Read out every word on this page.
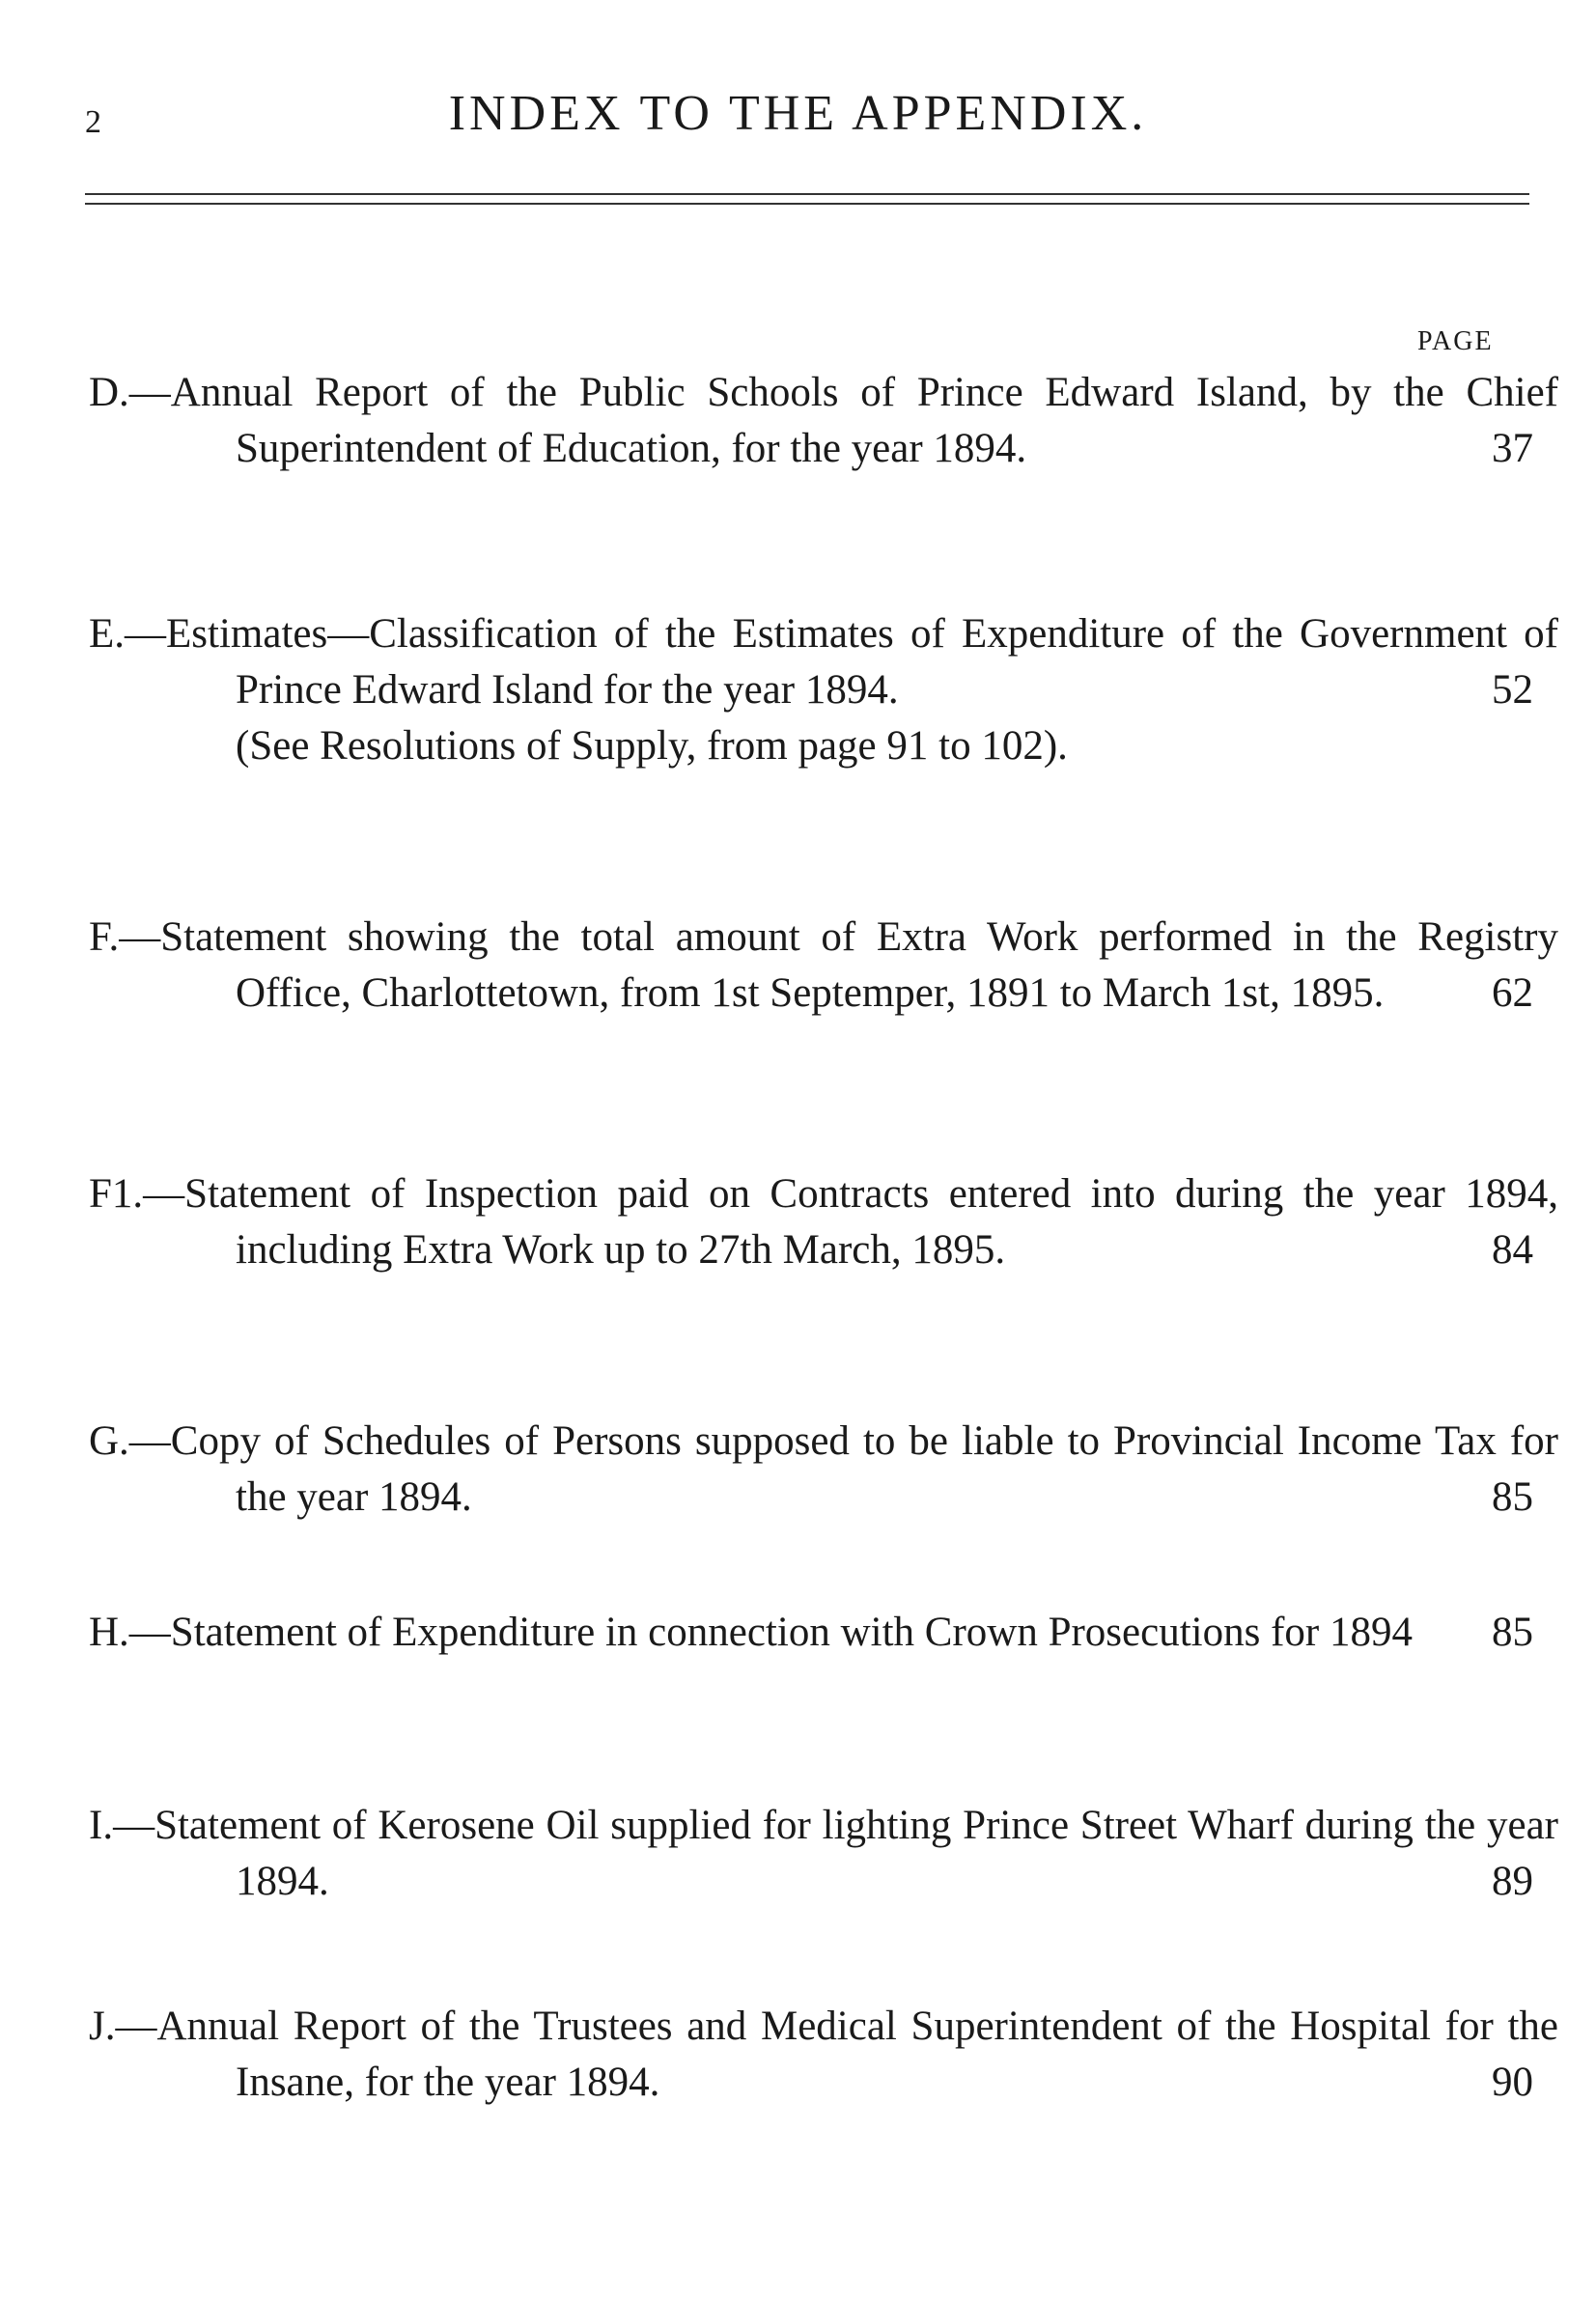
2	INDEX TO THE APPENDIX.
PAGE
D.—Annual Report of the Public Schools of Prince Edward Island, by the Chief Superintendent of Education, for the year 1894.	37
E.—Estimates—Classification of the Estimates of Expenditure of the Government of Prince Edward Island for the year 1894.	52
(See Resolutions of Supply, from page 91 to 102).
F.—Statement showing the total amount of Extra Work performed in the Registry Office, Charlottetown, from 1st Septemper, 1891 to March 1st, 1895.	62
F1.—Statement of Inspection paid on Contracts entered into during the year 1894, including Extra Work up to 27th March, 1895.	84
G.—Copy of Schedules of Persons supposed to be liable to Provincial Income Tax for the year 1894.	85
H.—Statement of Expenditure in connection with Crown Prosecutions for 1894	85
I.—Statement of Kerosene Oil supplied for lighting Prince Street Wharf during the year 1894.	89
J.—Annual Report of the Trustees and Medical Superintendent of the Hospital for the Insane, for the year 1894.	90
